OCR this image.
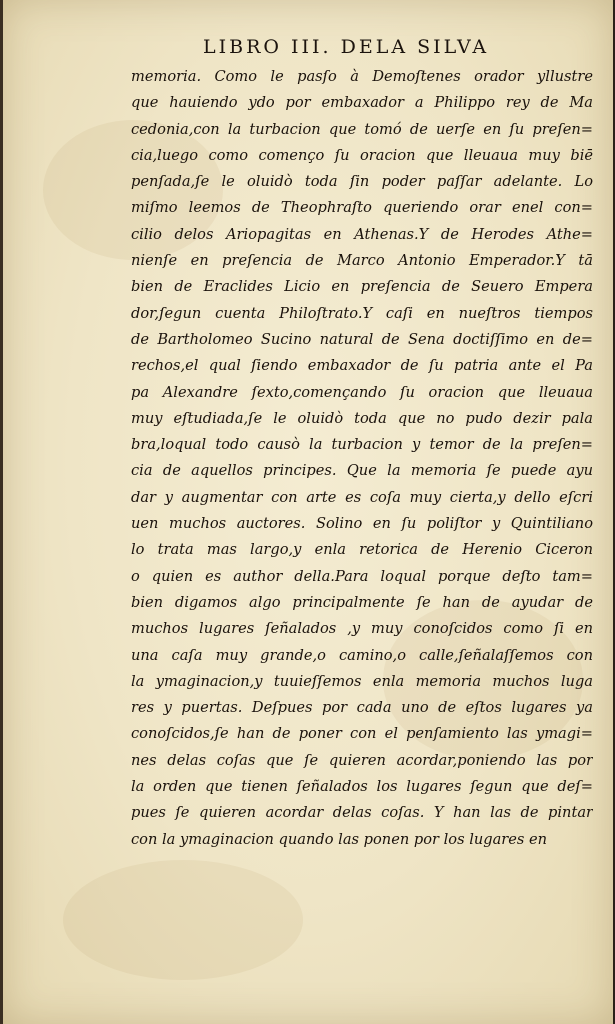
LIBRO III. DELA SILVA
memoria. Como le pasſo à Demoſtenes orador yllustre
que hauiendo ydo por embaxador a Philippo rey de Ma
cedonia,con la turbacion que tomó de uerſe en ſu preſen=
cia,luego como començo ſu oracion que lleuaua muy biē
penſada,ſe le oluidò toda ſin poder paſſar adelante. Lo
miſmo leemos de Theophraſto queriendo orar enel con=
cilio delos Ariopagitas en Athenas.Y de Herodes Athe=
nienſe en preſencia de Marco Antonio Emperador.Y tā
bien de Eraclides Licio en preſencia de Seuero Empera
dor,ſegun cuenta Philoſtrato.Y caſi en nueſtros tiempos
de Bartholomeo Sucino natural de Sena doctiſſimo en de=
rechos,el qual ſiendo embaxador de ſu patria ante el Pa
pa Alexandre ſexto,començando ſu oracion que lleuaua
muy eſtudiada,ſe le oluidò toda que no pudo dezir pala
bra,loqual todo causò la turbacion y temor de la preſen=
cia de aquellos principes. Que la memoria ſe puede ayu
dar y augmentar con arte es coſa muy cierta,y dello eſcri
uen muchos auctores. Solino en ſu poliſtor y Quintiliano
lo trata mas largo,y enla retorica de Herenio Ciceron
o quien es author della.Para loqual porque deſto tam=
bien digamos algo principalmente ſe han de ayudar de
muchos lugares ſeñalados ,y muy conoſcidos como ſi en
una caſa muy grande,o camino,o calle,ſeñalaſſemos con
la ymaginacion,y tuuieſſemos enla memoria muchos luga
res y puertas. Deſpues por cada uno de eſtos lugares ya
conoſcidos,ſe han de poner con el penſamiento las ymagi=
nes delas coſas que ſe quieren acordar,poniendo las por
la orden que tienen ſeñalados los lugares ſegun que deſ=
pues ſe quieren acordar delas coſas. Y han las de pintar
con la ymaginacion quando las ponen por los lugares en
